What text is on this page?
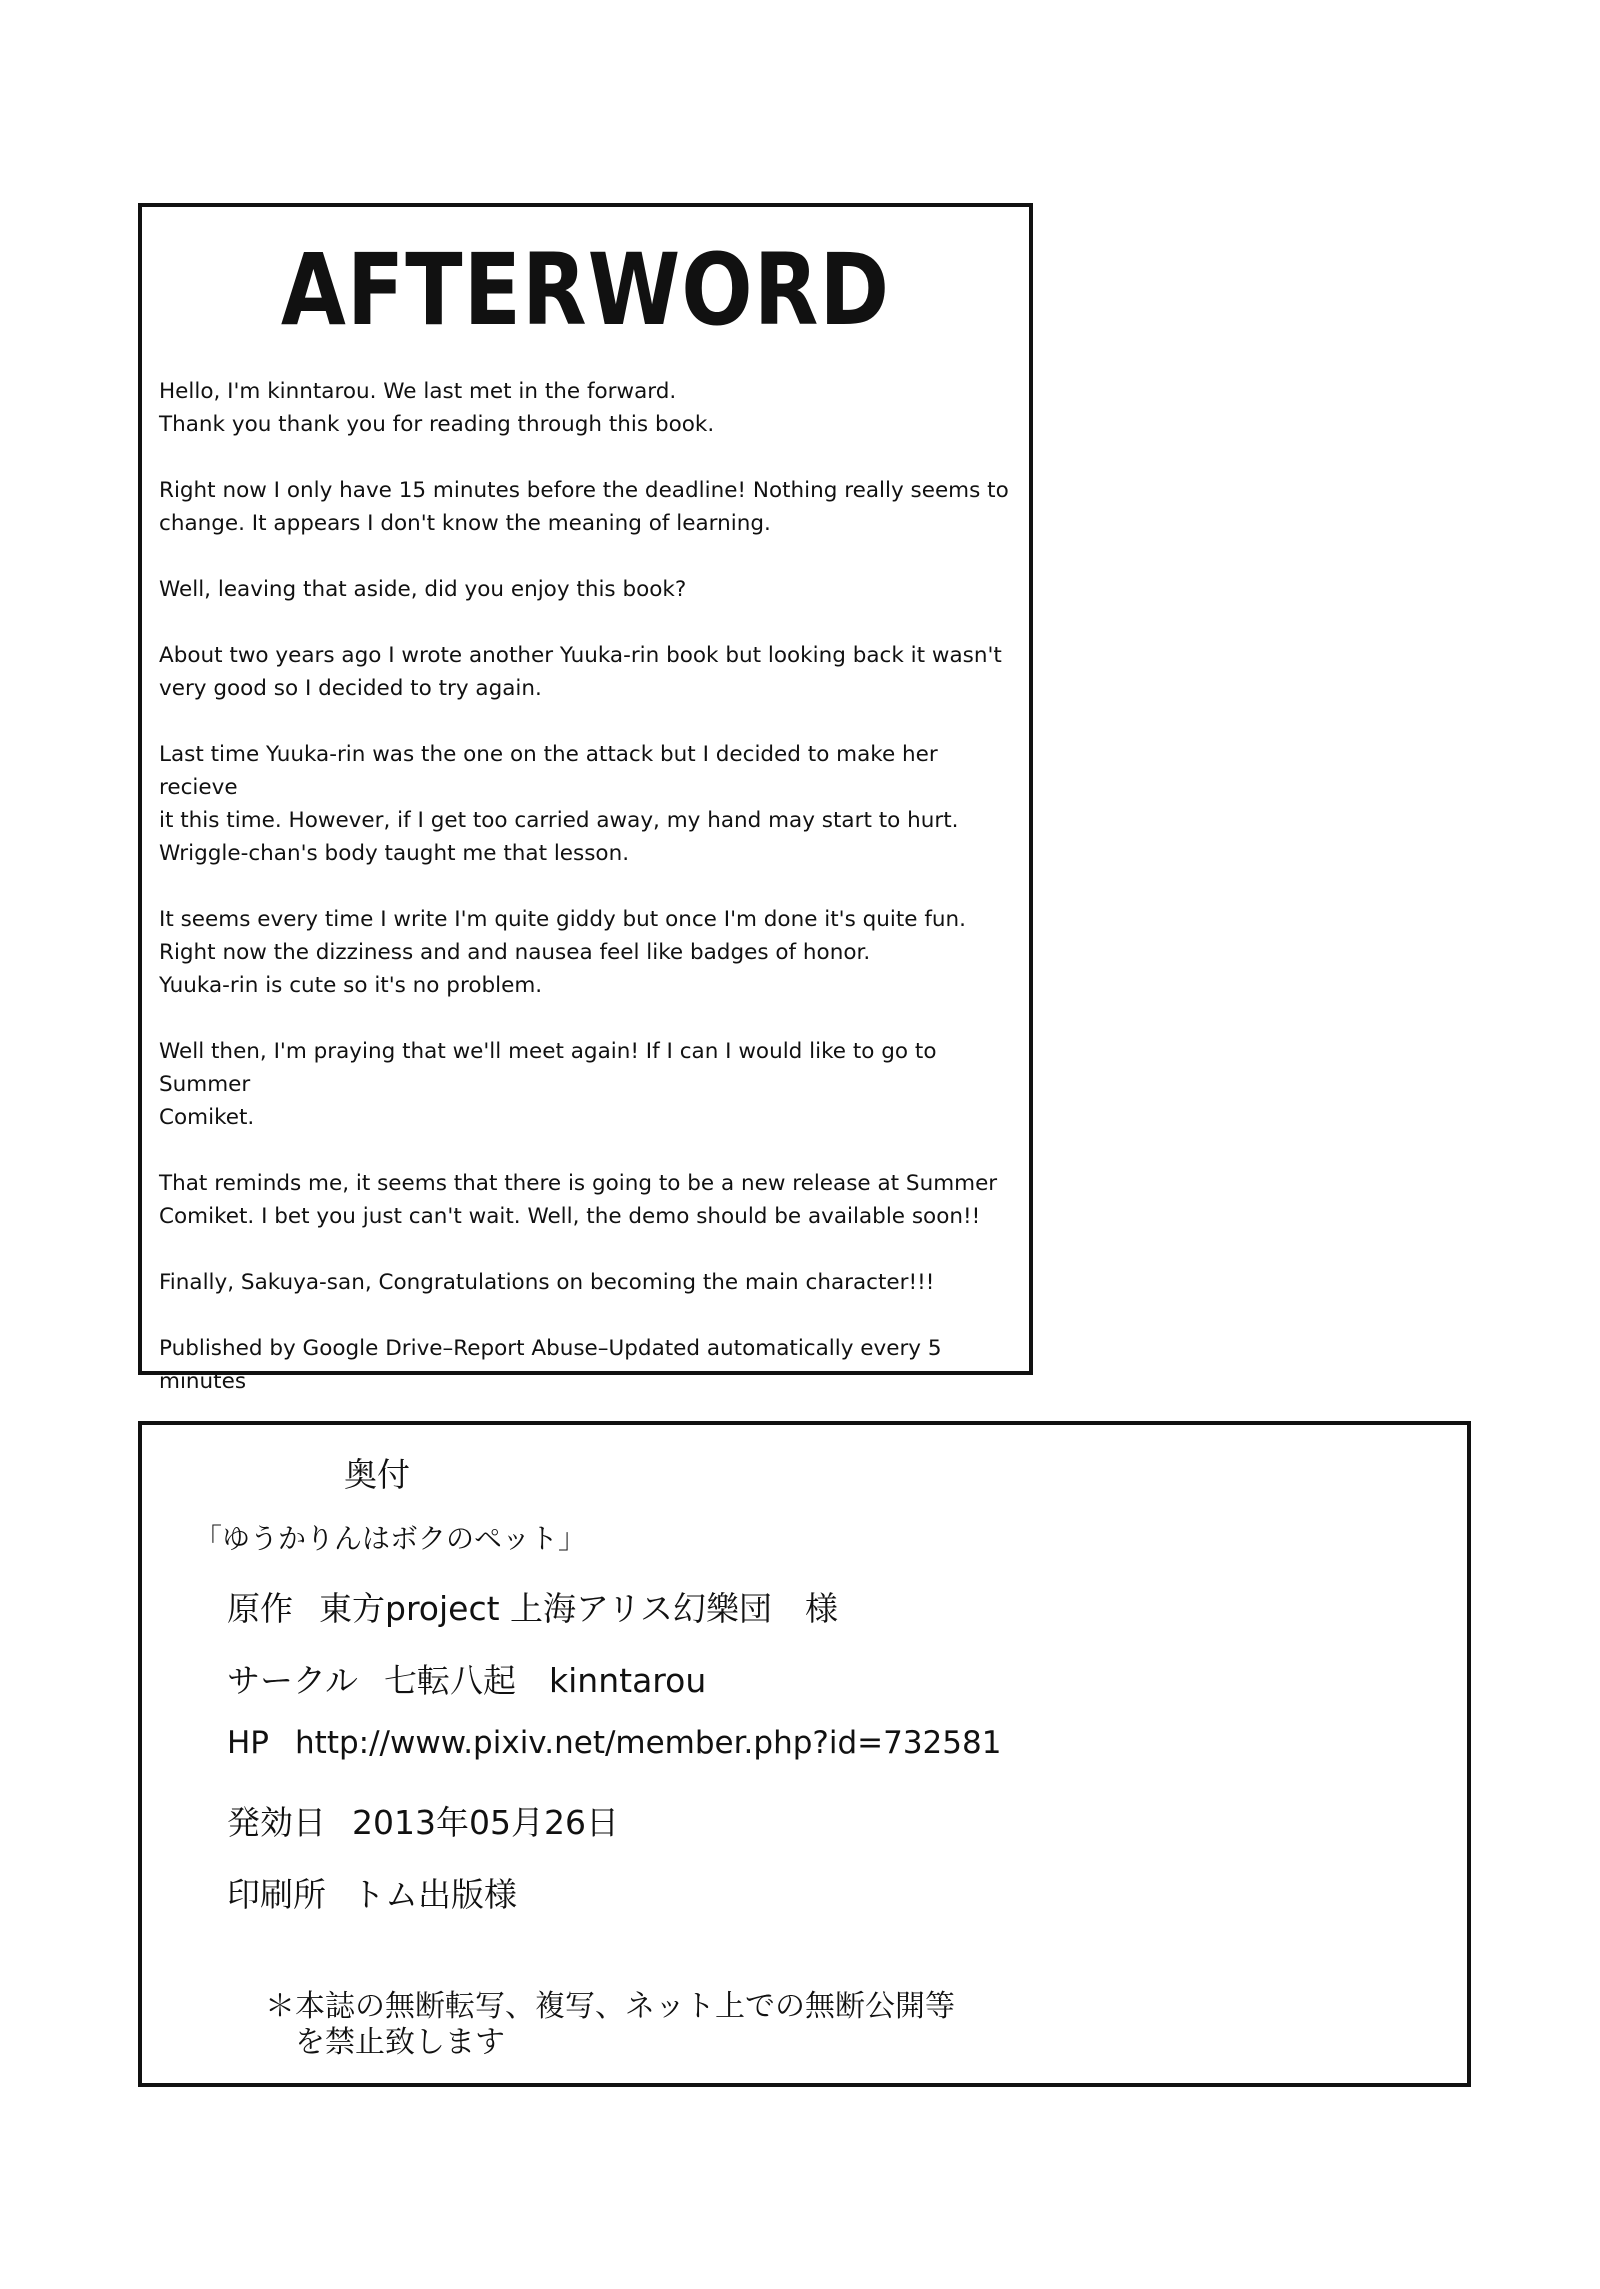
AFTERWORD

Hello, I'm kinntarou. We last met in the forward.
Thank you thank you for reading through this book.

Right now I only have 15 minutes before the deadline! Nothing really seems to
change. It appears I don't know the meaning of learning.

Well, leaving that aside, did you enjoy this book?

About two years ago I wrote another Yuuka-rin book but looking back it wasn't
very good so I decided to try again.

Last time Yuuka-rin was the one on the attack but I decided to make her recieve
it this time. However, if I get too carried away, my hand may start to hurt.
Wriggle-chan's body taught me that lesson.

It seems every time I write I'm quite giddy but once I'm done it's quite fun.
Right now the dizziness and and nausea feel like badges of honor.
Yuuka-rin is cute so it's no problem.

Well then, I'm praying that we'll meet again! If I can I would like to go to Summer
Comiket.

That reminds me, it seems that there is going to be a new release at Summer
Comiket. I bet you just can't wait. Well, the demo should be available soon!!

Finally, Sakuya-san, Congratulations on becoming the main character!!!

Published by Google Drive–Report Abuse–Updated automatically every 5 minutes

奥付
「ゆうかりんはボクのペット」
原作 東方project 上海アリス幻樂団　様
サークル 七転八起　kinntarou
HP http://www.pixiv.net/member.php?id=732581
発効日 2013年05月26日
印刷所 トム出版様
＊本誌の無断転写、複写、ネット上での無断公開等
　を禁止致します
